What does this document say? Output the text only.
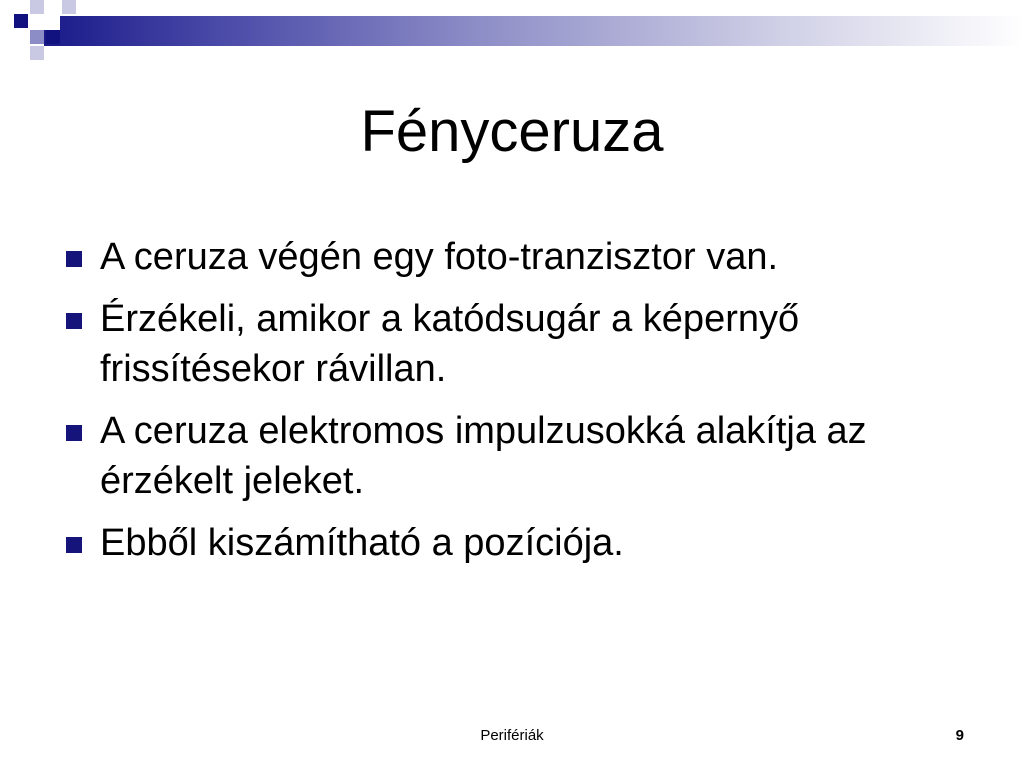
Fényceruza
A ceruza végén egy foto-tranzisztor van.
Érzékeli, amikor a katódsugár a képernyő frissítésekor rávillan.
A ceruza elektromos impulzusokká alakítja az érzékelt jeleket.
Ebből kiszámítható a pozíciója.
Perifériák	9
